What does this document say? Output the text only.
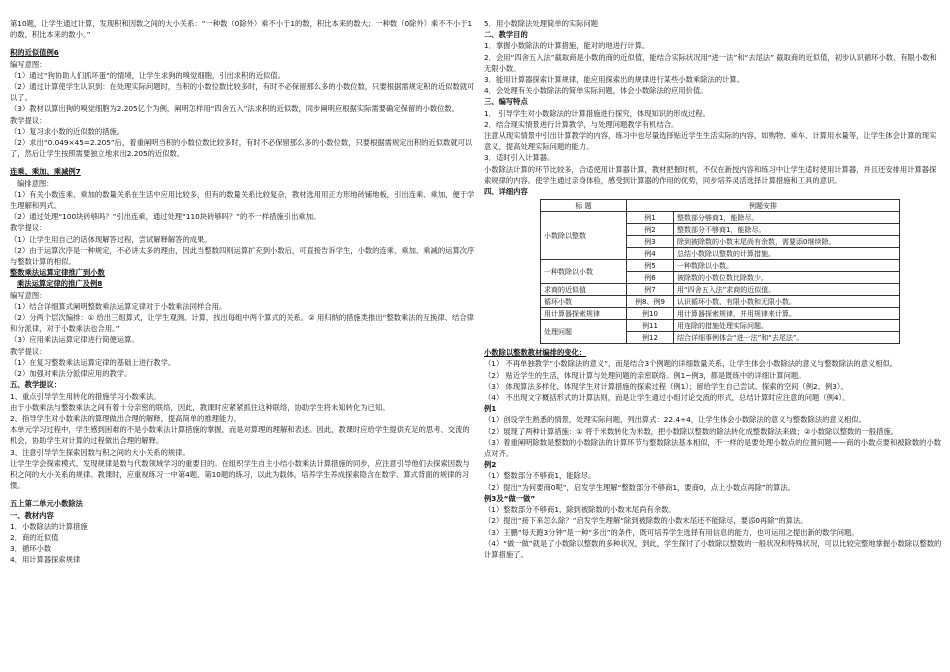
第10题，让学生通过计算，发现积和因数之间的大小关系：“一种数（0除外）乘不小于1的数，积比本来的数大；一种数（0除外）乘不不小于1的数，积比本来的数小。”

积的近似值例6

编写意图：

（1）通过“狗协助人们抓坏蛋”的情境，让学生求狗的嗅觉细胞，引出求积的近似值。

（2）通过计算使学生认识到：在处理实际问题时，当积的小数位数比较多时，有时不必保留那么多的小数位数，只要根据需规定积的近似数就可以了。

（3）教材以算出狗的嗅觉细胞为2.205亿个为例，阐明怎样用“四舍五入”法求积的近似数，同步阐明应根据实际需要确定保留的小数位数。

教学提议：

（1）复习求小数的近似数的措施。

（2）求出“0.049×45=2.205”后，着重阐明当积的小数位数比较多时，有时不必保留那么多的小数位数，只要根据需规定出积的近似数就可以了，然后让学生按照需要独立地求出2.205的近似数。

连乘、乘加、乘减例7

编排意图：

（1）有关小数连乘、乘加的数量关系在生活中应用比较多，但有的数量关系比较复杂，教材选用用正方形地砖铺地板，引出连乘、乘加，便于学生理解和列式。

（2）通过处理“100块砖够吗？”引出连乘，通过处理“110块砖够吗？”的不一样措施引出乘加。

教学提议：

（1）让学生用自己的话体现解答过程，尝试解释解答的成果。

（2）由于运算次序是一种规定，不必讲太多的理由，因此当整数四则运算扩充到小数后，可直接告诉学生，小数的连乘、乘加、乘减的运算次序与整数计算的相似。

整数乘法运算定律推广到小数

乘法运算定律的推广及例8

编写意图：

（1）结合详细算式阐明整数乘法运算定律对于小数乘法同样合用。

（2）分两个层次编排：① 给出三组算式，让学生观测、计算，找出每组中两个算式的关系。② 用归纳的措施类推出“整数乘法的互换律、结合律和分派律，对于小数乘法也合用。”

（3）应用乘法运算定律进行简便运算。

教学提议：

（1）在复习整数乘法运算定律的基础上进行教学。

（2）加强对乘法分派律应用的教学。

五、教学提议：

1、重点引导学生用转化的措施学习小数乘法。

由于小数乘法与整数乘法之间有着十分亲密的联络，因此，教课时应紧紧抓住这种联络，协助学生将未知转化为已知。

2、指导学生对小数乘法的算理做出合理的解释，提高简单的推理能力。

本单元学习过程中，学生感到困难的不是小数乘法计算措施的掌握，而是对算理的理解和表述。因此，教课时应给学生提供充足的思考、交流的机会，协助学生对计算的过程做出合理的解释。

3、注意引导学生探索因数与积之间的大小关系的规律。

让学生学会探索模式、发现规律是数与代数领域学习的重要目的。在组织学生自主小结小数乘法计算措施的同步，应注意引导他们去探索因数与积之间的大小关系的规律。教课时，应重视练习一中第4题、第10题的练习，以此为载体，培养学生养成探索隐含在数学、算式背面的规律的习惯。

五上第二单元小数除法

一、教材内容

1．小数除法的计算措施

2．商的近似值

3．循环小数

4．用计算器探索规律

5．用小数除法处理简单的实际问题

二、教学目的

1．掌握小数除法的计算措施，能对的地进行计算。

2．会用“四舍五入法”截取商是小数的商的近似值，能结合实际状况用“进一法”和“去尾法” 截取商的近似值，初步认识循环小数、有限小数和无限小数。

3．能用计算器探索计算规律，能应用探索出的规律进行某些小数乘除法的计算。

4．会处理有关小数除法的简单实际问题，体会小数除法的应用价值。

三、编写特点

1． 引导学生对小数除法的计算措施进行探究，体现知识的形成过程。

2．结合现实情景进行计算教学，与处理问题教学有机结合。

注意从现实情景中引出计算教学的内容，练习中也尽量选择贴近学生生活实际的内容，如购物、乘车、计算用水量等，让学生体会计算的现实意义，提高处理实际问题的能力。

3．适时引入计算器。

小数除法计算的环节比较多，合适使用计算器计算，教材把握时机，不仅在新授内容和练习中让学生适时使用计算器，并且还安排用计算器探索规律的内容。使学生通过亲身体验，感受到计算器的作用的优势，同步培养灵活选择计算措施和工具的意识。

四、详细内容

标 题	例题安排	
小数除以整数	例1	整数部分够商1，能除尽。
	例2	整数部分不够商1，能除尽。
	例3	除到被除数的小数末尾尚有余数，需要添0继续除。
	例4	总结小数除以整数的计算措施。
一种数除以小数	例5	一种数除以小数。
	例6	被除数的小数位数比除数少。
求商的近似值	例7	用“四舍五入法”求商的近似值。
循环小数	例8、例9	认识循环小数、有限小数和无限小数。
用计算器探索规律	例10	用计算器探索规律，并用规律来计算。
处理问题	例11	用连除的措施处理实际问题。
	例12	结合详细事例体会“进一法”和“去尾法”。

小数除以整数教材编排的变化：

（1） 不再单独教学“小数除法的意义”，而是结合3个例题的详细数量关系，让学生体会小数除法的意义与整数除法的意义相似。

（2） 贴近学生的生活，体现计算与处理问题的亲密联络。例1~例3，都是既练中的详细计算问题。

（3） 体现算法多样化，体现学生对计算措施的探索过程（例1）；留给学生自己尝试、探索的空间（例2、例3）。

（4） 不出现文字概括形式的计算法则，而是让学生通过小组讨论交流的形式，总结计算时应注意的问题（例4）。

例1

（1）创设学生熟悉的情景，处理实际问题，列出算式：22.4÷4，让学生体会小数除法的意义与整数除法的意义相似。

（2）展现了两种计算措施：① 将千米数转化为米数，把小数除以整数的除法转化成整数除法来做；②小数除以整数的一般措施。

（3）着重阐明除数是整数的小数除法的计算环节与整数除法基本相似，不一样的是要处理小数点的位置问题——商的小数点要和被除数的小数点对齐。

例2

（1）整数部分不够商1，能除尽。

（2）提出“为何要商0呢”，启发学生理解“整数部分不够商1，要商0，点上小数点再除”的算法。

例3及“做一做”

（1）整数部分不够商1，除到被除数的小数末尾尚有余数。

（2）提出“接下来怎么除？”启发学生理解“除到被除数的小数末尾还不能除尽，要添0再除”的算法。

（3）王鹏“每天跑3分钟”是一种“多出”的条件，既可培养学生选择有用信息的能力，也可运用之提出新的数学问题。

（4）“做一做”就是了小数除以整数的多种状况，到此，学生探讨了小数除以整数的一般状况和特殊状况，可以比较完整地掌握小数除以整数的计算措施了。
